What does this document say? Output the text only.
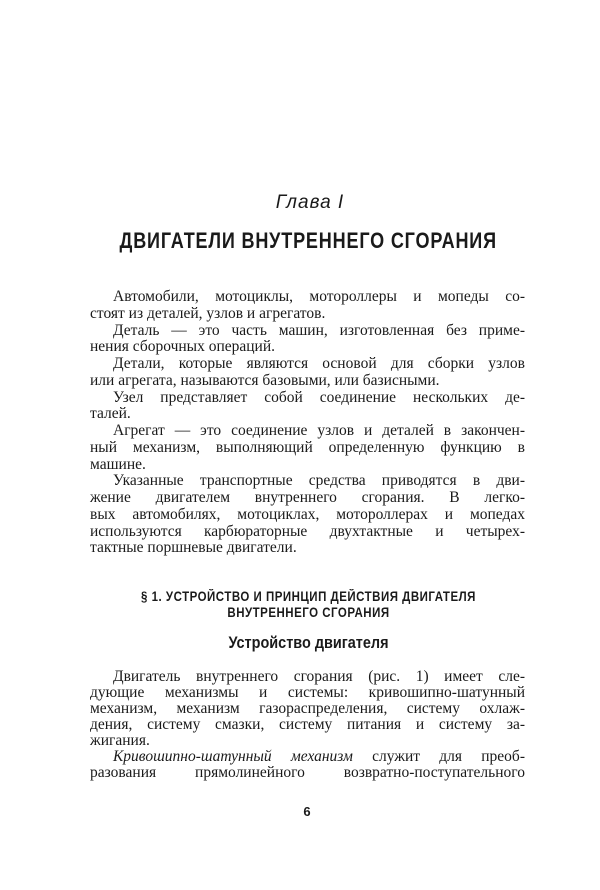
Глава I
ДВИГАТЕЛИ ВНУТРЕННЕГО СГОРАНИЯ
Автомобили, мотоциклы, мотороллеры и мопеды со-
стоят из деталей, узлов и агрегатов.
Деталь — это часть машин, изготовленная без приме-
нения сборочных операций.
Детали, которые являются основой для сборки узлов
или агрегата, называются базовыми, или базисными.
Узел представляет собой соединение нескольких де-
талей.
Агрегат — это соединение узлов и деталей в закончен-
ный механизм, выполняющий определенную функцию в
машине.
Указанные транспортные средства приводятся в дви-
жение двигателем внутреннего сгорания. В легко-
вых автомобилях, мотоциклах, мотороллерах и мопедах
используются карбюраторные двухтактные и четырех-
тактные поршневые двигатели.
§ 1. УСТРОЙСТВО И ПРИНЦИП ДЕЙСТВИЯ ДВИГАТЕЛЯ
ВНУТРЕННЕГО СГОРАНИЯ
Устройство двигателя
Двигатель внутреннего сгорания (рис. 1) имеет сле-
дующие механизмы и системы: кривошипно-шатунный
механизм, механизм газораспределения, систему охлаж-
дения, систему смазки, систему питания и систему за-
жигания.
Кривошипно-шатунный механизм служит для преоб-
разования прямолинейного возвратно-поступательного
6
